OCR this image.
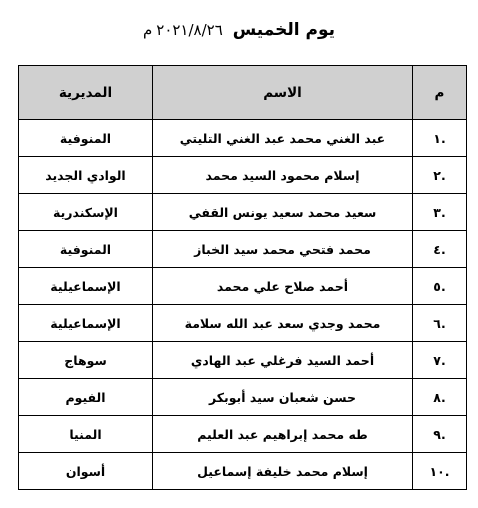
يوم الخميس
٢٠٢١/٨/٢٦
م
م	الاسم	المديرية
.١	عبد الغني محمد عبد الغني التليتي	المنوفية
.٢	إسلام محمود السيد محمد	الوادي الجديد
.٣	سعيد محمد سعيد يونس القفي	الإسكندرية
.٤	محمد فتحي محمد سيد الخباز	المنوفية
.٥	أحمد صلاح علي محمد	الإسماعيلية
.٦	محمد وجدي سعد عبد الله سلامة	الإسماعيلية
.٧	أحمد السيد فرغلي عبد الهادي	سوهاج
.٨	حسن شعبان سيد أبوبكر	الفيوم
.٩	طه محمد إبراهيم عبد العليم	المنيا
.١٠	إسلام محمد خليفة إسماعيل	أسوان
